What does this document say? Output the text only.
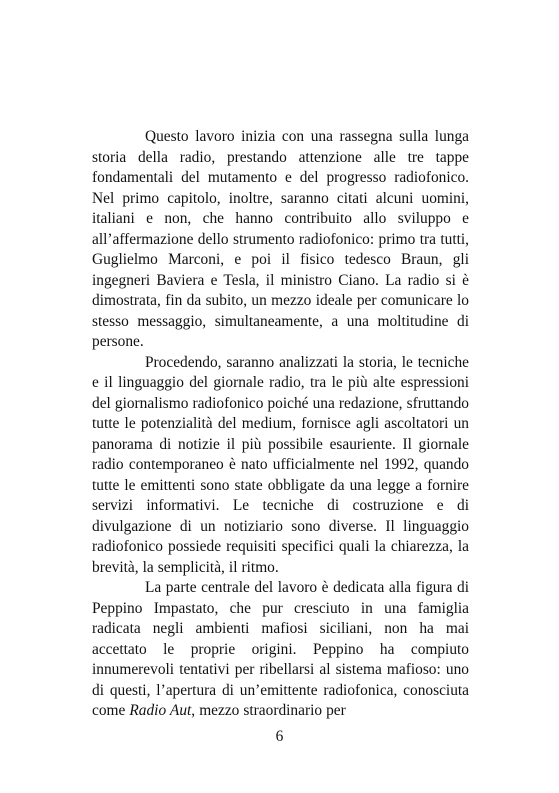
Questo lavoro inizia con una rassegna sulla lunga storia della radio, prestando attenzione alle tre tappe fondamentali del mutamento e del progresso radiofonico. Nel primo capitolo, inoltre, saranno citati alcuni uomini, italiani e non, che hanno contribuito allo sviluppo e all’affermazione dello strumento radiofonico: primo tra tutti, Guglielmo Marconi, e poi il fisico tedesco Braun, gli ingegneri Baviera e Tesla, il ministro Ciano. La radio si è dimostrata, fin da subito, un mezzo ideale per comunicare lo stesso messaggio, simultaneamente, a una moltitudine di persone.

Procedendo, saranno analizzati la storia, le tecniche e il linguaggio del giornale radio, tra le più alte espressioni del giornalismo radiofonico poiché una redazione, sfruttando tutte le potenzialità del medium, fornisce agli ascoltatori un panorama di notizie il più possibile esauriente. Il giornale radio contemporaneo è nato ufficialmente nel 1992, quando tutte le emittenti sono state obbligate da una legge a fornire servizi informativi. Le tecniche di costruzione e di divulgazione di un notiziario sono diverse. Il linguaggio radiofonico possiede requisiti specifici quali la chiarezza, la brevità, la semplicità, il ritmo.

La parte centrale del lavoro è dedicata alla figura di Peppino Impastato, che pur cresciuto in una famiglia radicata negli ambienti mafiosi siciliani, non ha mai accettato le proprie origini. Peppino ha compiuto innumerevoli tentativi per ribellarsi al sistema mafioso: uno di questi, l’apertura di un’emittente radiofonica, conosciuta come Radio Aut, mezzo straordinario per

6
